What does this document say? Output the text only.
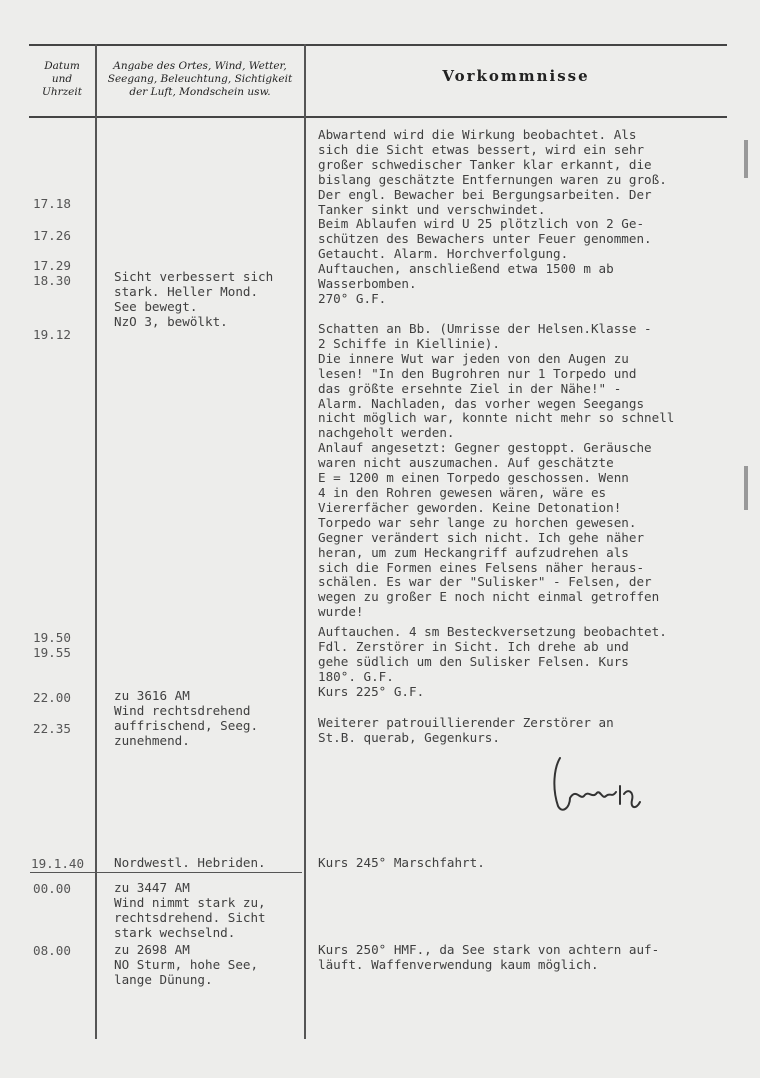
Datum
und
Uhrzeit
Angabe des Ortes, Wind, Wetter,
Seegang, Beleuchtung, Sichtigkeit
der Luft, Mondschein usw.
Vorkommnisse
17.18
17.26
17.29
18.30
19.12
19.50
19.55
22.00
22.35
19.1.40
00.00
08.00
Sicht verbessert sich
stark. Heller Mond.
See bewegt.
NzO 3, bewölkt.
zu 3616 AM
Wind rechtsdrehend
auffrischend, Seeg.
zunehmend.
Nordwestl. Hebriden.
zu 3447 AM
Wind nimmt stark zu,
rechtsdrehend. Sicht
stark wechselnd.
zu 2698 AM
NO Sturm, hohe See,
lange Dünung.
Abwartend wird die Wirkung beobachtet. Als
sich die Sicht etwas bessert, wird ein sehr
großer schwedischer Tanker klar erkannt, die
bislang geschätzte Entfernungen waren zu groß.
Der engl. Bewacher bei Bergungsarbeiten. Der
Tanker sinkt und verschwindet.
Beim Ablaufen wird U 25 plötzlich von 2 Ge-
schützen des Bewachers unter Feuer genommen.
Getaucht. Alarm. Horchverfolgung.
Auftauchen, anschließend etwa 1500 m ab
Wasserbomben.
270° G.F.
Schatten an Bb. (Umrisse der Helsen.Klasse -
2 Schiffe in Kiellinie).
Die innere Wut war jeden von den Augen zu
lesen! "In den Bugrohren nur 1 Torpedo und
das größte ersehnte Ziel in der Nähe!" -
Alarm. Nachladen, das vorher wegen Seegangs
nicht möglich war, konnte nicht mehr so schnell
nachgeholt werden.
Anlauf angesetzt: Gegner gestoppt. Geräusche
waren nicht auszumachen. Auf geschätzte
E = 1200 m einen Torpedo geschossen. Wenn
4 in den Rohren gewesen wären, wäre es
Viererfächer geworden. Keine Detonation!
Torpedo war sehr lange zu horchen gewesen.
Gegner verändert sich nicht. Ich gehe näher
heran, um zum Heckangriff aufzudrehen als
sich die Formen eines Felsens näher heraus-
schälen. Es war der "Sulisker" - Felsen, der
wegen zu großer E noch nicht einmal getroffen
wurde!
Auftauchen. 4 sm Besteckversetzung beobachtet.
Fdl. Zerstörer in Sicht. Ich drehe ab und
gehe südlich um den Sulisker Felsen. Kurs
180°. G.F.
Kurs 225° G.F.
Weiterer patrouillierender Zerstörer an
St.B. querab, Gegenkurs.
Kurs 245° Marschfahrt.
Kurs 250° HMF., da See stark von achtern auf-
läuft. Waffenverwendung kaum möglich.
